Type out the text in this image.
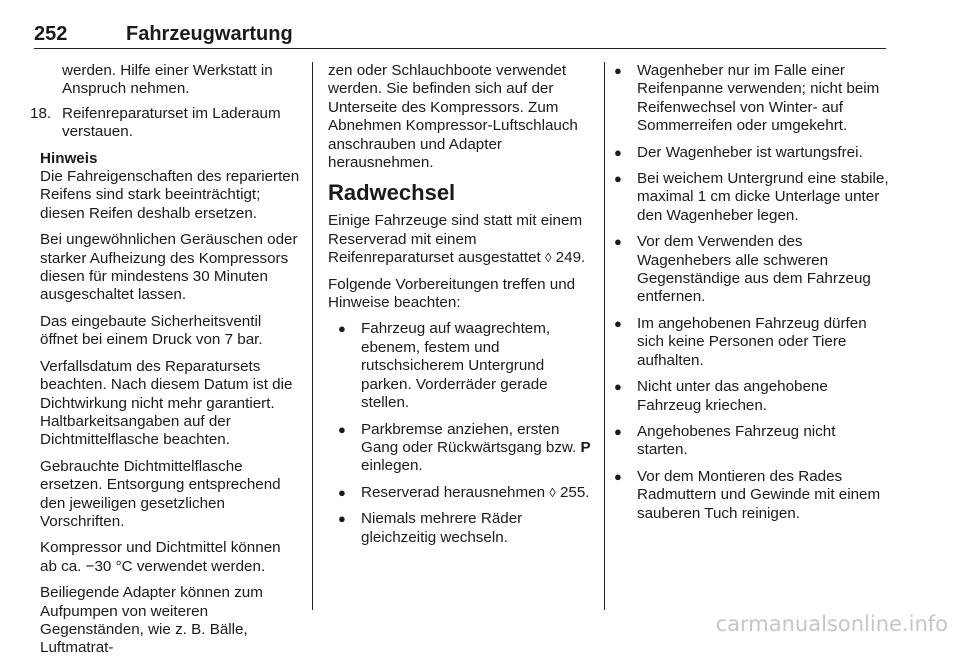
252	Fahrzeugwartung

werden. Hilfe einer Werkstatt in Anspruch nehmen.

18. Reifenreparaturset im Laderaum verstauen.

Hinweis

Die Fahreigenschaften des reparierten Reifens sind stark beeinträchtigt; diesen Reifen deshalb ersetzen.

Bei ungewöhnlichen Geräuschen oder starker Aufheizung des Kompressors diesen für mindestens 30 Minuten ausgeschaltet lassen.

Das eingebaute Sicherheitsventil öffnet bei einem Druck von 7 bar.

Verfallsdatum des Reparatursets beachten. Nach diesem Datum ist die Dichtwirkung nicht mehr garantiert. Haltbarkeitsangaben auf der Dichtmittelflasche beachten.

Gebrauchte Dichtmittelflasche ersetzen. Entsorgung entsprechend den jeweiligen gesetzlichen Vorschriften.

Kompressor und Dichtmittel können ab ca. −30 °C verwendet werden.

Beiliegende Adapter können zum Aufpumpen von weiteren Gegenständen, wie z. B. Bälle, Luftmatrat-

zen oder Schlauchboote verwendet werden. Sie befinden sich auf der Unterseite des Kompressors. Zum Abnehmen Kompressor-Luftschlauch anschrauben und Adapter herausnehmen.

Radwechsel

Einige Fahrzeuge sind statt mit einem Reserverad mit einem Reifenreparaturset ausgestattet ◊ 249.

Folgende Vorbereitungen treffen und Hinweise beachten:

● Fahrzeug auf waagrechtem, ebenem, festem und rutschsicherem Untergrund parken. Vorderräder gerade stellen.
● Parkbremse anziehen, ersten Gang oder Rückwärtsgang bzw. P einlegen.
● Reserverad herausnehmen ◊ 255.
● Niemals mehrere Räder gleichzeitig wechseln.
● Wagenheber nur im Falle einer Reifenpanne verwenden; nicht beim Reifenwechsel von Winter- auf Sommerreifen oder umgekehrt.
● Der Wagenheber ist wartungsfrei.
● Bei weichem Untergrund eine stabile, maximal 1 cm dicke Unterlage unter den Wagenheber legen.
● Vor dem Verwenden des Wagenhebers alle schweren Gegenständige aus dem Fahrzeug entfernen.
● Im angehobenen Fahrzeug dürfen sich keine Personen oder Tiere aufhalten.
● Nicht unter das angehobene Fahrzeug kriechen.
● Angehobenes Fahrzeug nicht starten.
● Vor dem Montieren des Rades Radmuttern und Gewinde mit einem sauberen Tuch reinigen.
carmanualsonline.info
